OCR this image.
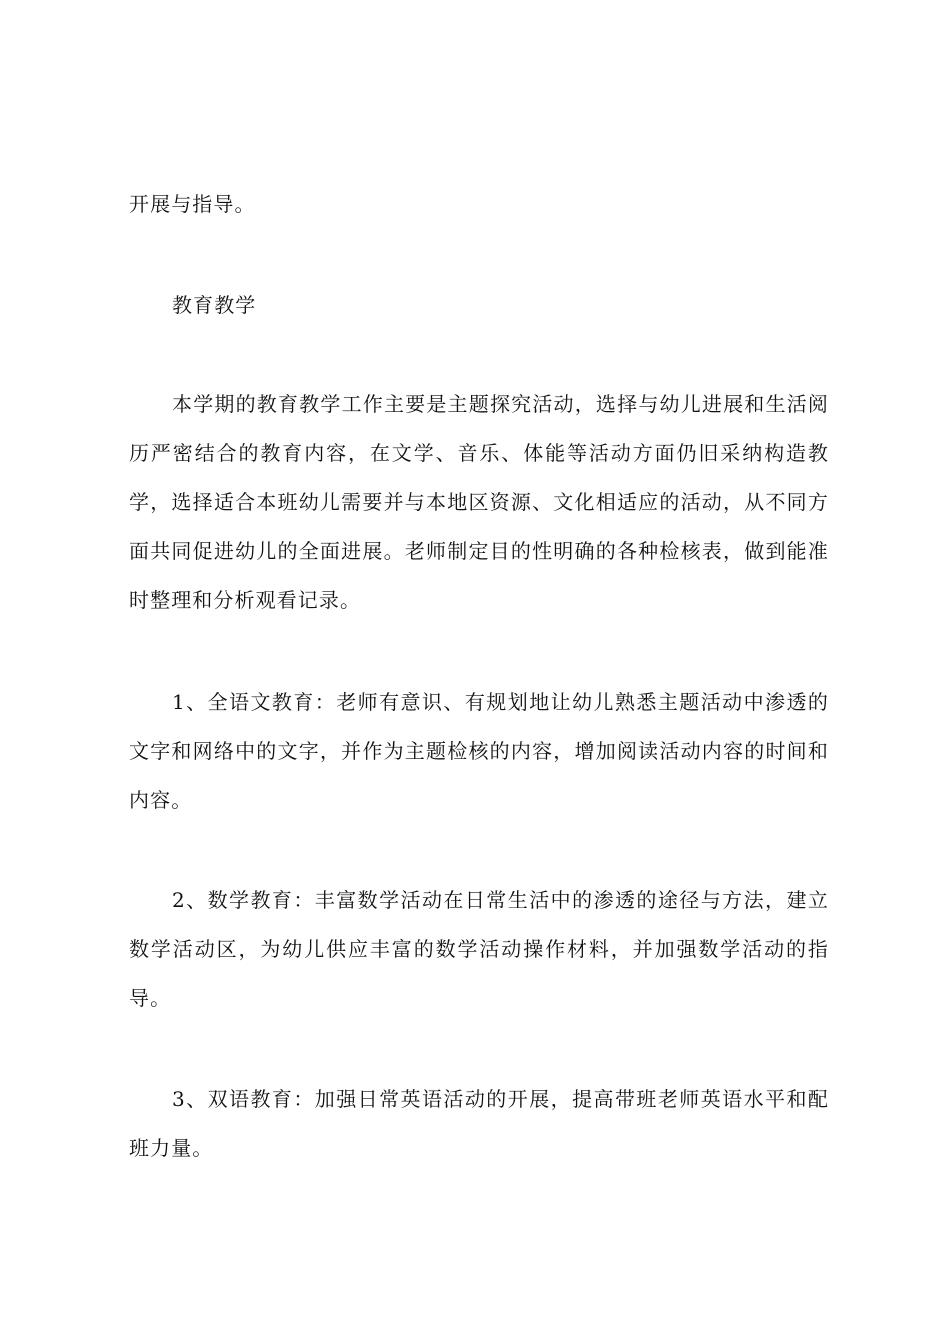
开展与指导。

教育教学

本学期的教育教学工作主要是主题探究活动，选择与幼儿进展和生活阅历严密结合的教育内容，在文学、音乐、体能等活动方面仍旧采纳构造教学，选择适合本班幼儿需要并与本地区资源、文化相适应的活动，从不同方面共同促进幼儿的全面进展。老师制定目的性明确的各种检核表，做到能准时整理和分析观看记录。

1、全语文教育：老师有意识、有规划地让幼儿熟悉主题活动中渗透的文字和网络中的文字，并作为主题检核的内容，增加阅读活动内容的时间和内容。

2、数学教育：丰富数学活动在日常生活中的渗透的途径与方法，建立数学活动区，为幼儿供应丰富的数学活动操作材料，并加强数学活动的指导。

3、双语教育：加强日常英语活动的开展，提高带班老师英语水平和配班力量。
